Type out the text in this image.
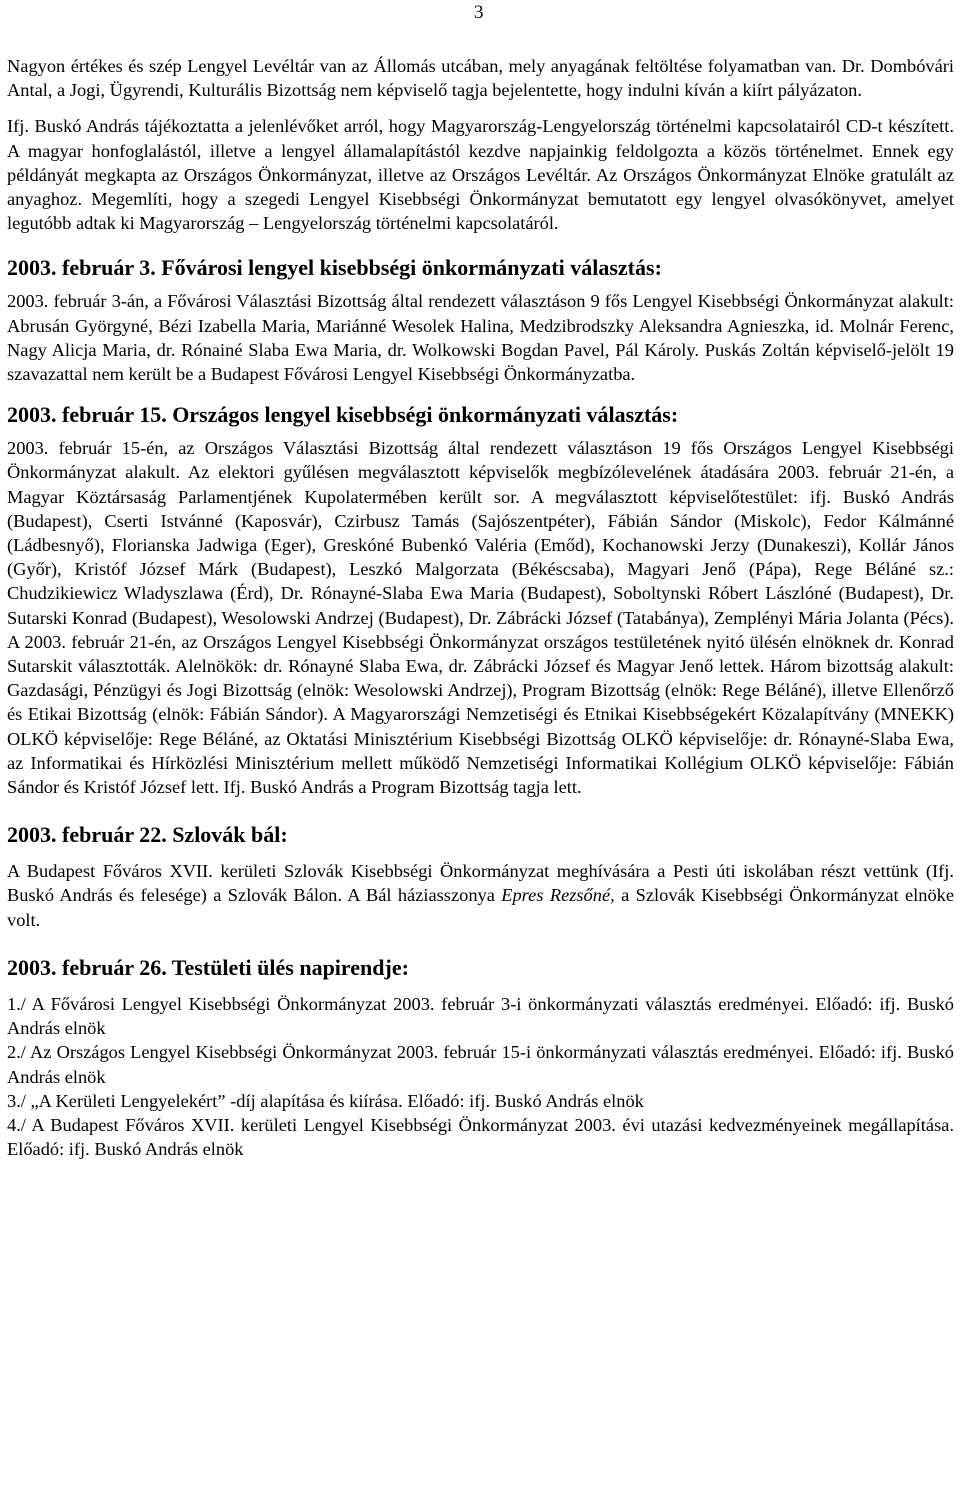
3

Nagyon értékes és szép Lengyel Levéltár van az Állomás utcában, mely anyagának feltöltése folyamatban van. Dr. Dombóvári Antal, a Jogi, Ügyrendi, Kulturális Bizottság nem képviselő tagja bejelentette, hogy indulni kíván a kiírt pályázaton.

Ifj. Buskó András tájékoztatta a jelenlévőket arról, hogy Magyarország-Lengyelország történelmi kapcsolatairól CD-t készített. A magyar honfoglalástól, illetve a lengyel államalapítástól kezdve napjainkig feldolgozta a közös történelmet. Ennek egy példányát megkapta az Országos Önkormányzat, illetve az Országos Levéltár. Az Országos Önkormányzat Elnöke gratulált az anyaghoz. Megemlíti, hogy a szegedi Lengyel Kisebbségi Önkormányzat bemutatott egy lengyel olvasókönyvet, amelyet legutóbb adtak ki Magyarország – Lengyelország történelmi kapcsolatáról.

2003. február 3. Fővárosi lengyel kisebbségi önkormányzati választás:

2003. február 3-án, a Fővárosi Választási Bizottság által rendezett választáson 9 fős Lengyel Kisebbségi Önkormányzat alakult: Abrusán Györgyné, Bézi Izabella Maria, Mariánné Wesolek Halina, Medzibrodszky Aleksandra Agnieszka, id. Molnár Ferenc, Nagy Alicja Maria, dr. Rónainé Slaba Ewa Maria, dr. Wolkowski Bogdan Pavel, Pál Károly. Puskás Zoltán képviselő-jelölt 19 szavazattal nem került be a Budapest Fővárosi Lengyel Kisebbségi Önkormányzatba.

2003. február 15. Országos lengyel kisebbségi önkormányzati választás:

2003. február 15-én, az Országos Választási Bizottság által rendezett választáson 19 fős Országos Lengyel Kisebbségi Önkormányzat alakult. Az elektori gyűlésen megválasztott képviselők megbízólevelének átadására 2003. február 21-én, a Magyar Köztársaság Parlamentjének Kupolatermében került sor. A megválasztott képviselőtestület: ifj. Buskó András (Budapest), Cserti Istvánné (Kaposvár), Czirbusz Tamás (Sajószentpéter), Fábián Sándor (Miskolc), Fedor Kálmánné (Ládbesnyő), Florianska Jadwiga (Eger), Greskóné Bubenkó Valéria (Emőd), Kochanowski Jerzy (Dunakeszi), Kollár János (Győr), Kristóf József Márk (Budapest), Leszkó Malgorzata (Békéscsaba), Magyari Jenő (Pápa), Rege Béláné sz.: Chudzikiewicz Wladyszlawa (Érd), Dr. Rónayné-Slaba Ewa Maria (Budapest), Soboltynski Róbert Lászlóné (Budapest), Dr. Sutarski Konrad (Budapest), Wesolowski Andrzej (Budapest), Dr. Zábrácki József (Tatabánya), Zemplényi Mária Jolanta (Pécs). A 2003. február 21-én, az Országos Lengyel Kisebbségi Önkormányzat országos testületének nyitó ülésén elnöknek dr. Konrad Sutarskit választották. Alelnökök: dr. Rónayné Slaba Ewa, dr. Zábrácki József és Magyar Jenő lettek. Három bizottság alakult: Gazdasági, Pénzügyi és Jogi Bizottság (elnök: Wesolowski Andrzej), Program Bizottság (elnök: Rege Béláné), illetve Ellenőrző és Etikai Bizottság (elnök: Fábián Sándor). A Magyarországi Nemzetiségi és Etnikai Kisebbségekért Közalapítvány (MNEKK) OLKÖ képviselője: Rege Béláné, az Oktatási Minisztérium Kisebbségi Bizottság OLKÖ képviselője: dr. Rónayné-Slaba Ewa, az Informatikai és Hírközlési Minisztérium mellett működő Nemzetiségi Informatikai Kollégium OLKÖ képviselője: Fábián Sándor és Kristóf József lett. Ifj. Buskó András a Program Bizottság tagja lett.

2003. február 22. Szlovák bál:

A Budapest Főváros XVII. kerületi Szlovák Kisebbségi Önkormányzat meghívására a Pesti úti iskolában részt vettünk (Ifj. Buskó András és felesége) a Szlovák Bálon. A Bál háziasszonya Epres Rezsőné, a Szlovák Kisebbségi Önkormányzat elnöke volt.

2003. február 26. Testületi ülés napirendje:

1./ A Fővárosi Lengyel Kisebbségi Önkormányzat 2003. február 3-i önkormányzati választás eredményei. Előadó: ifj. Buskó András elnök

2./ Az Országos Lengyel Kisebbségi Önkormányzat 2003. február 15-i önkormányzati választás eredményei. Előadó: ifj. Buskó András elnök

3./ „A Kerületi Lengyelekért” -díj alapítása és kiírása. Előadó: ifj. Buskó András elnök

4./ A Budapest Főváros XVII. kerületi Lengyel Kisebbségi Önkormányzat 2003. évi utazási kedvezményeinek megállapítása. Előadó: ifj. Buskó András elnök
